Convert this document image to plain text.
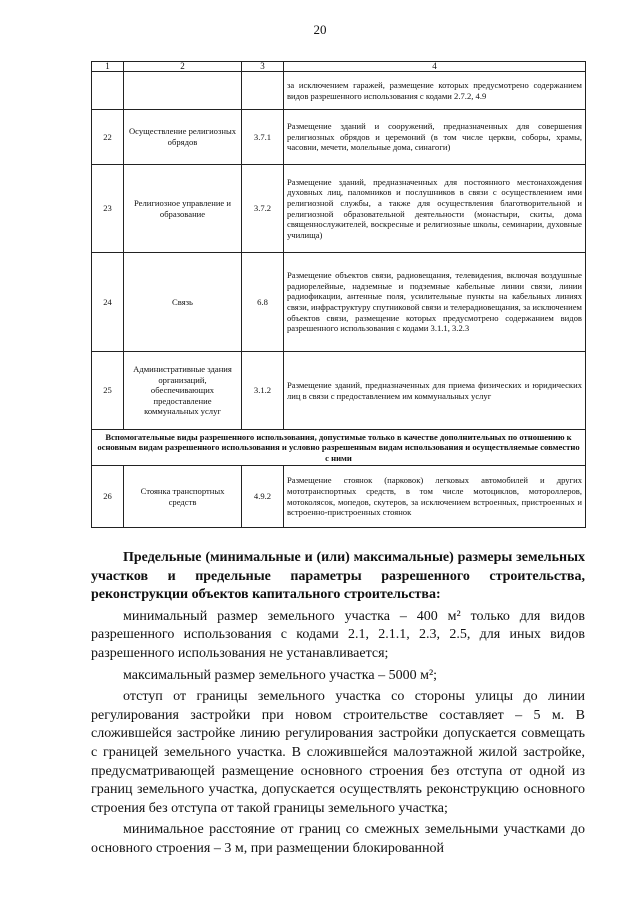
20
1	2	3	4
			за исключением гаражей, размещение которых предусмотрено содержанием видов разрешенного использования с кодами 2.7.2, 4.9
22	Осуществление религиозных обрядов	3.7.1	Размещение зданий и сооружений, предназначенных для совершения религиозных обрядов и церемоний (в том числе церкви, соборы, храмы, часовни, мечети, молельные дома, синагоги)
23	Религиозное управление и образование	3.7.2	Размещение зданий, предназначенных для постоянного местонахождения духовных лиц, паломников и послушников в связи с осуществлением ими религиозной службы, а также для осуществления благотворительной и религиозной образовательной деятельности (монастыри, скиты, дома священнослужителей, воскресные и религиозные школы, семинарии, духовные училища)
24	Связь	6.8	Размещение объектов связи, радиовещания, телевидения, включая воздушные радиорелейные, надземные и подземные кабельные линии связи, линии радиофикации, антенные поля, усилительные пункты на кабельных линиях связи, инфраструктуру спутниковой связи и телерадиовещания, за исключением объектов связи, размещение которых предусмотрено содержанием видов разрешенного использования с кодами 3.1.1, 3.2.3
25	Административные здания организаций, обеспечивающих предоставление коммунальных услуг	3.1.2	Размещение зданий, предназначенных для приема физических и юридических лиц в связи с предоставлением им коммунальных услуг
Вспомогательные виды разрешенного использования, допустимые только в качестве дополнительных по отношению к основным видам разрешенного использования и условно разрешенным видам использования и осуществляемые совместно с ними			
26	Стоянка транспортных средств	4.9.2	Размещение стоянок (парковок) легковых автомобилей и других мототранспортных средств, в том числе мотоциклов, мотороллеров, мотоколясок, мопедов, скутеров, за исключением встроенных, пристроенных и встроенно-пристроенных стоянок

Предельные (минимальные и (или) максимальные) размеры земельных участков и предельные параметры разрешенного строительства, реконструкции объектов капитального строительства:

минимальный размер земельного участка – 400 м² только для видов разрешенного использования с кодами 2.1, 2.1.1, 2.3, 2.5, для иных видов разрешенного использования не устанавливается;

максимальный размер земельного участка – 5000 м²;

отступ от границы земельного участка со стороны улицы до линии регулирования застройки при новом строительстве составляет – 5 м. В сложившейся застройке линию регулирования застройки допускается совмещать с границей земельного участка. В сложившейся малоэтажной жилой застройке, предусматривающей размещение основного строения без отступа от одной из границ земельного участка, допускается осуществлять реконструкцию основного строения без отступа от такой границы земельного участка;

минимальное расстояние от границ со смежных земельными участками до основного строения – 3 м, при размещении блокированной
